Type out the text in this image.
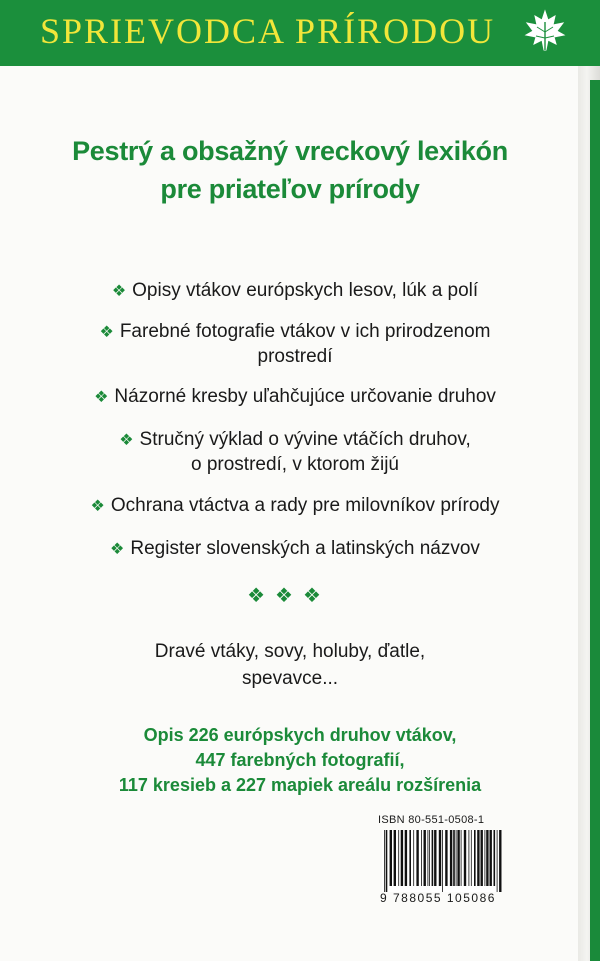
SPRIEVODCA PRÍRODOU
Pestrý a obsažný vreckový lexikón
pre priateľov prírody
❖ Opisy vtákov európskych lesov, lúk a polí
❖ Farebné fotografie vtákov v ich prirodzenom
prostredí
❖ Názorné kresby uľahčujúce určovanie druhov
❖ Stručný výklad o vývine vtáčích druhov,
o prostredí, v ktorom žijú
❖ Ochrana vtáctva a rady pre milovníkov prírody
❖ Register slovenských a latinských názvov
❖❖❖
Dravé vtáky, sovy, holuby, ďatle,
spevavce...
Opis 226 európskych druhov vtákov,
447 farebných fotografií,
117 kresieb a 227 mapiek areálu rozšírenia
ISBN 80-551-0508-1
9 788055 105086
